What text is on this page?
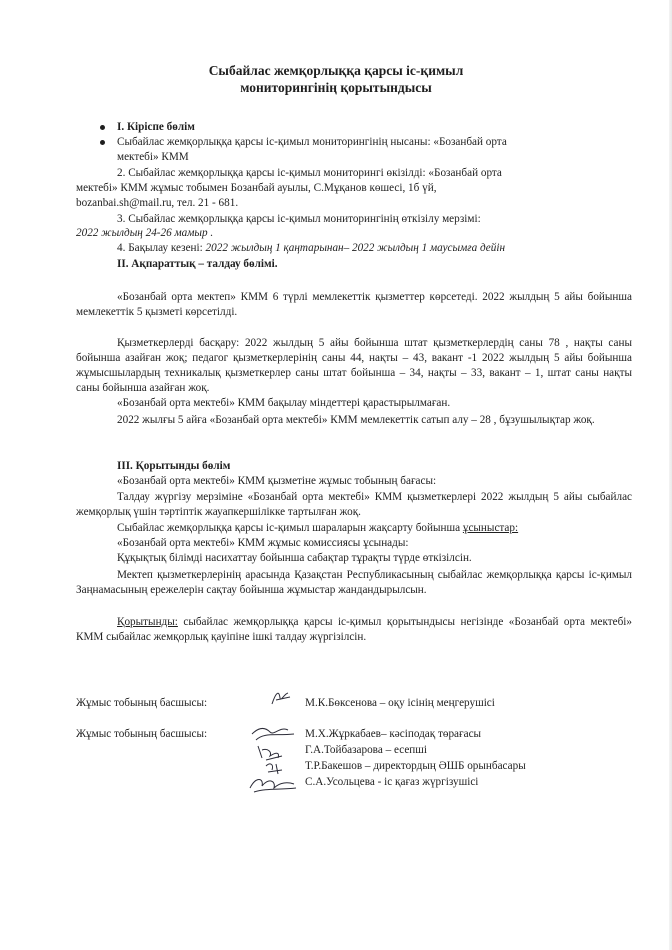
Сыбайлас жемқорлыққа қарсы іс-қимыл
мониторингінің қорытындысы
І. Кіріспе бөлім
Сыбайлас жемқорлыққа қарсы іс-қимыл мониторингінің нысаны: «Бозанбай орта
мектебі» КММ
2. Сыбайлас жемқорлыққа қарсы іс-қимыл мониторингі өкізілді: «Бозанбай орта
мектебі» КММ жұмыс тобымен Бозанбай ауылы, С.Мұқанов көшесі, 1б үй,
bozanbai.sh@mail.ru, тел. 21 - 681.
3. Сыбайлас жемқорлыққа қарсы іс-қимыл мониторингінің өткізілу мерзімі:
2022 жылдың 24-26 мамыр .
4. Бақылау кезені: 2022 жылдың 1 қаңтарынан– 2022 жылдың 1 маусымға дейін
ІІ. Ақпараттық – талдау бөлімі.
«Бозанбай орта мектеп» КММ 6 түрлі мемлекеттік қызметтер көрсетеді. 2022 жылдың 5 айы бойынша мемлекеттік 5 қызметі көрсетілді.
Қызметкерлерді басқару: 2022 жылдың 5 айы бойынша штат қызметкерлердің саны 78 , нақты саны бойынша азайған жоқ; педагог қызметкерлерінің саны 44, нақты – 43, вакант -1 2022 жылдың 5 айы бойынша жұмысшылардың техникалық қызметкерлер саны штат бойынша – 34, нақты – 33, вакант – 1, штат саны нақты саны бойынша азайған жоқ.
«Бозанбай орта мектебі» КММ бақылау міндеттері қарастырылмаған.
2022 жылғы 5 айға «Бозанбай орта мектебі» КММ мемлекеттік сатып алу – 28 , бұзушылықтар жоқ.
ІІІ. Қорытынды бөлім
«Бозанбай орта мектебі» КММ қызметіне жұмыс тобының бағасы:
Талдау жүргізу мерзіміне «Бозанбай орта мектебі» КММ қызметкерлері 2022 жылдың 5 айы сыбайлас жемқорлық үшін тәртіптік жауапкершілікке тартылған жоқ.
Сыбайлас жемқорлыққа қарсы іс-қимыл шараларын жақсарту бойынша ұсыныстар:
«Бозанбай орта мектебі» КММ жұмыс комиссиясы ұсынады:
Құқықтық білімді насихаттау бойынша сабақтар тұрақты түрде өткізілсін.
Мектеп қызметкерлерінің арасында Қазақстан Республикасының сыбайлас жемқорлыққа қарсы іс-қимыл Заңнамасының ережелерін сақтау бойынша жұмыстар жандандырылсын.
Қорытынды: сыбайлас жемқорлыққа қарсы іс-қимыл қорытындысы негізінде «Бозанбай орта мектебі» КММ сыбайлас жемқорлық қауіпіне ішкі талдау жүргізілсін.
Жұмыс тобының басшысы:	М.К.Бөксенова – оқу ісінің меңгерушісі
Жұмыс тобының басшысы:	М.Х.Жұркабаев– кәсіподақ төрағасы
Г.А.Тойбазарова – есепші
Т.Р.Бакешов – директордың ӘШБ орынбасары
С.А.Усольцева - іс қағаз жүргізушісі
